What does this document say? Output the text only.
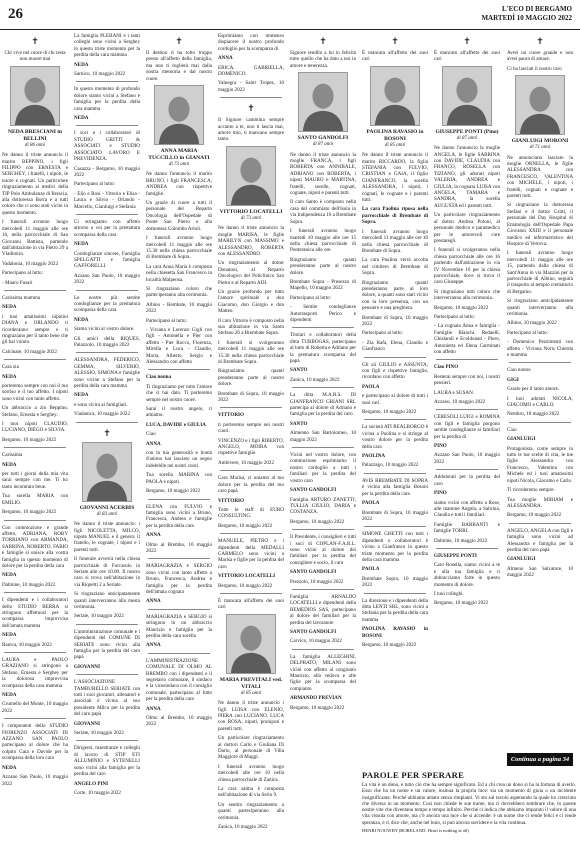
26	L'ECO DI BERGAMO
MARTEDÌ 10 MAGGIO 2022
✝

Chi vive nel cuore di chi resta non muore mai

NEDA BRESCIANI in BELLINI
di 86 anni

Ne danno il triste annuncio il marito BEPPINO, i figli FILIPPO con ERNESTA e SERGHEY, i fratelli, i nipoti, le nuore e cognati. Un particolare ringraziamento ai medici della TIP Polo Ambulanze di Brescia, alla dottoressa Borra e a tutti coloro che ci sono stati vicini in questo momento.

I funerali avranno luogo mercoledì 11 maggio alle ore 16, nella parrocchiale di San Giovanni Battista, partendo dall'abitazione in via Pietro 29 a Vladimiro.

Vadalonia, 10 maggio 2022

Partecipano al lutto:

- Mauro Fusari

Carissima mamma

NEDA

i tuoi amatissimi nipotini DIANA e ORLANDO ti ricorderanno sempre e ti ringraziano per il tanto bene che gli hai voluto.

Calcinate, 10 maggio 2022

Cara zia

NEDA

porteremo sempre con noi il tuo sorriso e il tuo affetto. I nipoti sono vicini con tanto affetto.

Un abbraccio a zio Beppino, Stefano, Ernesta e Serghey.

I tuoi nipoti CLAUDIO, LUCIANO, DIEGO e SILVIA.

Bergamo, 10 maggio 2022

Carissima

NEDA

per tutti i giorni della mia vita sarai sempre con me. Ti ho tanto incontrato bene.

Tua sorella MARIA con EMILIO.

Bergamo, 10 maggio 2022

Con commozione e grande affetto, ADRIANA, ROBY TORRIANO con ARMANDA, SABRINA, ROBERTO, FABIO e famiglie si unisce alla vostra famiglia in questo momento di dolore per la perdita della cara

NEDA

Dalmine, 10 maggio 2022

I dipendenti e i collaboratori dello STUDIO BERRA si stringono affettuosi per la scomparsa improvvisa dell'amata mamma

NEDA

Ranica, 10 maggio 2022

LAURA e PAOLO GRAZIANO si stringono a Stefano, Ernesta e Serghey per la dolorosa improvvisa scomparsa della cara mamma

NEDA

Grumello del Monte, 10 maggio 2022

I componenti dello STUDIO FIORENZO ASSOCIATI DI AZZANO SAN PAOLO partecipano al dolore che ha colpito Gaia e Davide per la scomparsa della loro cara

NEDA

Azzano San Paolo, 10 maggio 2022

La famiglia PLEBANI e i tanti colleghi sono vicini a Serghey in questo triste momento per la perdita della cara mamma

NEDA

Sarnico, 10 maggio 2022

In questo momento di profondo dolore siamo vicini a Stefano e famiglia per la perdita della cara mamma

NEDA

I soci e i collaboratori di STUDIO GRITTI & ASSOCIATI e STUDIO ASSOCIATO LAVORO E PREVIDENZA.

Casazza - Bergamo, 10 maggio 2022

Partecipano al lutto:

- Elio e Rosi - Vittorio e Elisa - Laura e Silvio - Orlando - Marcello, Gianluigi e Stefania

Ci stringiamo con affetto attorno a voi per la prematura scomparsa della cara

NEDA

Condoglianze sincere, Famiglia SPELGATTI e famiglia GAFFORELLI.

Azzano San Paolo, 10 maggio 2022

Le nostre più sentite condoglianze per la prematura scomparsa della cara

NEDA

Siamo vicini al vostro dolore.

Gli amici della RIQUES, Palazzolo, 10 maggio 2022

ALESSANDRA, FEDERICO, GEMMA, SILVERIO, ALESSIO, SIMONA e famiglie sono vicine a Stefano per la perdita della cara mamma

NEDA

e sono vicini ai famigliari.

Viadanica, 10 maggio 2022

✝
GIOVANNI ACERBIS
di 83 anni

Ne danno il triste annuncio: i figli NICOLETTA, MILCO, nipote MANUEL e il genero; il fratello, le cognate, i nipoti e i parenti tutti.

Il funerale avverrà nella chiesa parrocchiale di Forcarolo in Seriate alle ore 10.00. Il nostro caro si trova nell'abitazione in via Riquetti 2 a Seriate.

Si ringraziano anticipatamente quanti interverranno alla mesta cerimonia.

Seriate, 10 maggio 2022

L'amministrazione comunale e i dipendenti del COMUNE DI SERIATE sono vicini alla famiglia per la perdita del caro papà

GIOVANNI

L'ASSOCIAZIONE TAMBURELLO SERIATE con tutti i suoi giocatori, allenatori e associati è vicina al suo presidente Milco per la perdita del caro papà

GIOVANNI

Seriate, 10 maggio 2022

Dirigenti, maestranze e colleghi di lavoro di STIP ETI ALLUMINIO e SYTENELLI sono vicini alla famiglia per la perdita del caro

ANGELO PINI

Corte, 10 maggio 2022

✝

Il destino ti ha tolto troppo presto all'affetto della famiglia, ma non ti toglierà mai dalla nostra memoria e dal nostro cuore.

ANNA MARIA TUCCILLO in GIANATI
di 73 anni

Ne danno l'annuncio il marito BRUNO, i figli FRANCESCA, ANDREA con rispettive famiglie.

Un grazie di cuore a tutti il personale del Reparto Oncologia dell'Ospedale di Ponte San Pietro e alla dottoressa Colombo Arioli.

I funerali avranno luogo mercoledì 11 maggio alle ore 15.30 nella chiesa parrocchiale di Brembate di Sopra.

La cara Anna Maria è composta nella chiesetta San Francesco in località Malpensa.

Si ringraziano coloro che parteciperanno alla cerimonia.

Albino - Bembate, 10 maggio 2022

Partecipano al lutto:

- Viviana e Lorenzo Gigli con figli - Antonella e Pier con affetto - Pier Rocco, Fiorenza, Mirella e Luca - Claudio, Maria, Alberto, Sergio e Alessandro con affetto

Ciao nonna

Ti ringraziamo per tutto l'amore che ci hai dato. Ti porteremo sempre nel nostro cuore.

Sarai il nostro angelo, ti amiamo.

LUCA, DAVIDE e GIULIA

Ciao

ANNA

con la tua generosità e bontà d'animo hai lasciato un segno indelebile nei nostri cuori.

Tua sorella MARINA con PAOLA e nipoti.

Bergamo, 10 maggio 2022

ELENA con FULVIO e famiglia sono vicini a Bruno, Francesca, Andrea e famiglie per la perdita della cara

ANNA

Olmo al Brembo, 10 maggio 2022

MARIAGRAZIA e SERGIO sono vicini con tanto affetto a Bruno, Francesca, Andrea e famiglia per la perdita dell'amata cognata

ANNA

MARIAGRAZIA e SERGIO si stringono in un abbraccio Maurizio e famiglia per la perdita della cara sorella

ANNA

L'AMMINISTRAZIONE COMUNALE DI OLMO AL BREMBO con i dipendenti e il segretario comunale, il sindaco e la vicesindaca con il consiglio comunale, partecipano al lutto per la perdita della cara

ANNA

Olmo al Brembo, 10 maggio 2022

Esprimiamo con immenso dispiacere il nostro profondo cordoglio per la scomparsa di

ANNA

ERICA, GABRIELLA, DOMENICO.

Valnegra - Saint Tropez, 10 maggio 2022

✝

Il Signore cammina sempre accanto a te, non ti lascia mai, amore mio, ti mancano sempre tanto.

VITTORIO LOCATELLI
di 73 anni

Ne danno il triste annuncio la moglie MARISA, le figlie MARILYN con MASSIMO e ALESSANDRO, ROBERTA con ALESSANDRO.

Un ringraziamento al dottor Donatoni, al Reparto Oncologico del Policlinico San Pietro e al Reparto ADI.

Un grazie profondo per tutto l'amore spirituale a don Giacomo, don Giorgio e don Matteo.

Il caro Vittorio è composto nella sua abitazione in via Santo Stefano 26 a Brembate Sopra.

I funerali si svolgeranno mercoledì 11 maggio alle ore 15.30 nella chiesa parrocchiale di Brembate Sopra.

Ringraziamo quanti prenderanno parte al nostro dolore.

Brembate di Sopra, 10 maggio 2022

VITTORIO

ti porteremo sempre nei nostri cuori.

VINCENZO e i figli RIBERTO, ANGELO, MOIRA con rispettive famiglie.

Ambivere, 10 maggio 2022

Cara Marisa, ci uniamo al tuo dolore per la perdita del tuo caro papà

VITTORIO

Tutte le staff di EURO CONSULTING.

Bergamo, 10 maggio 2022

MANUELE, PIETRO e i dipendenti della MEDALLI CARMELO sono vicini a Marisa e figlie per la perdita del caro

VITTORIO LOCATELLI

Bergamo, 10 maggio 2022

È mancata all'affetto dei suoi cari

MARIA PREVITALI ved. VITALI
di 85 anni

Ne danno il triste annuncio i figli LUISA con ELENIO, PIERA con LUCIANO, LUCA con ROSA, nipoti, pronipoti e parenti tutti.

Un particolare ringraziamento ai dottori Carlo e Giuliana Di Dario, al personale di Villa Maggiore di Maggi.

I funerali avranno luogo mercoledì alle ore 10 nella chiesa parrocchiale di Zanica.

La cara salma è composta nell'abitazione di via Serio 9.

Un sentito ringraziamento a quanti parteciperanno alla cerimonia.

Zanica, 10 maggio 2022

✝

Signore rendilo a lui in felicità tutto quello che ha dato a noi in amore e tenerezza.

SANTO GANDOLFI
di 87 anni

Ne danno il triste annuncio la moglie FRANCA, i figli ROBERTA con ANNIBALE, ADRIANO con ROBERTA, i nipoti MAURO e MARTINA, fratelli, sorelle, cognati, cognate, nipoti e parenti tutti.

Il caro Santo è composto nella casa del commiato dell'Isola in via Indipendenza 16 a Brembate Sopra.

I funerali avranno luogo martedì 10 maggio alle ore 15 nella chiesa parrocchiale di Ponteranica alle ore.

Ringraziamo quanti prenderanno parte al nostro dolore.

Brembate Sopra - Presezzo di Mapello, 10 maggio 2022

Partecipano al lutto:

- Sentite condoglianze Autotrasporti Perico e dipendenti

Titolari e collaboratori della ditta TURBOGAS, partecipano al lutto di Roberta e Adriano per la prematura scomparsa del papà

SANTO

Zanica, 10 maggio 2022

La ditta M.A.R.S. DI GIANFRANCO GRIANI SRL partecipa al dolore di Adriano e famiglia per la perdita del caro

SANTO

Almenno San Bartolomeo, 10 maggio 2022

Vicini nel vostro dolore, con commozione esprimiamo il nostro cordoglio a tutti i familiari per la perdita del vostro caro

SANTO GANDOLFI

Famiglia ARTURO ZANETTI, TULLIA GIULIO, DARIA e COSTANZA.

Bergamo, 10 maggio 2022

Il Presidente, i consiglieri e tutti i soci di COPLAN-F.A.R.L. sono vicini al dolore dei familiari per la perdita del consigliere e socio, il caro

SANTO GANDOLFI

Prezzolo, 10 maggio 2022

Famiglia ARNALDO LOCATELLI e dipendenti della REMEDIOS SAS, partecipano al dolore dei familiari per la perdita del lavoratore

SANTO GANDOLFI

Carvico, 10 maggio 2022

La famiglia ALLEGHINI, DELPRATO, MILANI sono vicini con affetto al congiunto Maurizio, alla vedova e alle figlie per la scomparsa del compianto

ARMANDO PREVIAN

Bergamo, 10 maggio 2022

✝

È mancata all'affetto dei suoi cari

PAOLINA RAVASIO in BOSONI
di 85 anni

Ne danno il triste annuncio il marito RICCARDO, la figlia STEFANIA con FULVIO, CRISTIAN e GAIA, il figlio GIANFRANCO, la sorella ALESSANDRA, i nipoti, i cognati, le cognate e i parenti tutti.

La cara Paolina riposa nella parrocchiale di Brembate di Sopra.

I funerali avranno luogo mercoledì 11 maggio alle ore 10 nella chiesa parrocchiale di Brembate di Sopra.

La cara Paolina verrà accolta nel cimitero di Brembate di Sopra.

Ringraziamo quanti prenderanno parte al loro dolore, a quanti sono stati vicini con la loro presenza, con un pensiero e una preghiera.

Brembate di Sopra, 10 maggio 2022

Partecipano al lutto:

- Zia Rafa, Elena, Claudio e Gianfranco

Gli zii GIULIO e ASSUNTA, con figli e rispettive famiglie, ricordano con affetto

PAOLA

e partecipano al dolore di tutti i suoi cari.

Bergamo, 10 maggio 2022

La società ATI REALBORGO è vicina a Paolina e si stringe al vostro dolore per la perdita della cara

PAOLINA

Palazzago, 10 maggio 2022

AVIS BREMBATE DI SOPRA è vicina alla famiglia Bosoni per la perdita della cara

PAOLA

Brembate di Sopra, 10 maggio 2022

SIMONE GHETTI con tutti i dipendenti e collaboratori è vicino a Gianfranco in questo triste momento per la perdita della cara mamma

PAOLA

Brembate Sopra, 10 maggio 2022

La direzione e i dipendenti della ditta LENTI SRL, sono vicini a Stefania per la perdita della cara mamma

PAOLINA RAVASIO in BOSONI

Bergamo, 10 maggio 2022

✝

È mancato all'affetto dei suoi cari

GIUSEPPE PONTI (Pino)
di 87 anni

Ne danno l'annuncio la moglie ANGELA, le figlie SABRINA con DAVIDE, CLAUDIA con FRANCO, ROSELLA con TIZIANO, gli adorati nipoti VALERIA, ANDREA e GIULIA, la cognata LUISA con ANGELA, TAMARA e SANDRA, la sorella AUGUSTA ed i parenti tutti.

Un particolare ringraziamento al dottor Andrea Poloni, al personale medico e paramedico per le amorevoli cure prestategli.

I funerali si svolgeranno nella chiesa parrocchiale alle ore 16 partendo dall'abitazione in via IV Novembre 16 per la chiesa parrocchiale, dove si trova il caro Giuseppe.

Si ringraziano tutti coloro che interverranno alla cerimonia.

Bergamo, 10 maggio 2022

Partecipano al lutto:

- La cognata Anna e famiglia - Famiglie Bianchi, Redaelli, Ghislandi e Ecoldonati - Piero, Antonietta ed Elena Carminati con affetto

Ciao PINO

Resterai sempre con noi, i nostri pensieri.

LAURA e SUSAN.

Azzano, 10 maggio 2022

CERESOLI LUIGI e ROMINA con figli e famiglia porgono sentite condoglianze ai familiari per la perdita di

PINO

Azzano San Paolo, 10 maggio 2022

Addolorati per la perdita del caro

PINO

siamo vicini con affetto a Rose, alle mamme Angela, a Sabrina, Claudia e tutti i familiari.

Famiglie BARBANTI e famiglie TORRI.

Dalmine, 10 maggio 2022

GIUSEPPE PONTI

Caro Rosella, siamo vicini a te e alla tua famiglia e ti abbracciamo forte in questo momento di dolore.

I tuoi colleghi.

Bergamo, 10 maggio 2022

✝

Avrei un cuore grande e non avrei paura di amare.

Ci ha lasciati il nostro caro

GIANLUIGI MORONI
di 71 anni

Ne annunciano lasciato la moglie ORNELLA, le figlie ALESSANDRA con FRANCESCO, VALENTINA con MICHELE, i nipoti, i fratelli, cognati e cognate e parenti tutti.

Si ringraziano la dottoressa Stefani e il dottor Gritti, il personale del Day Hospital di Ematologia dell'Ospedale Papa Giovanni XXIII e il personale medico ed infermieristico del Hospice di Vertova.

I funerali avranno luogo mercoledì 11 maggio alle ore 15, partendo dalla chiesa di Sant'Anna in via Mazzini per la parrocchiale di Albino, seguirà il trasporto al tempio crematorio di Bergamo.

Si ringraziano anticipatamente quanti interverranno alla cerimonia.

Albino, 10 maggio 2022

Partecipano al lutto:

- Domenico Pezzimenti con affetto - Viviana Noris Chierda e mamma

Ciao nonno

GIGI

Grazie per il tanto amore.

I tuoi adorati NICOLA, GIACOMO e CARLO.

Nembro, 10 maggio 2022

Ciao

GIANLUIGI

Protagonista, come sempre in tutto le tue scelte di vita, le tue figlie Alessandra con Francesco, Valentina con Michele ed i tuoi amatissimi nipoti Nicola, Giacomo e Carlo.

Ti ricorderemo sempre.

Tua moglie MIRIAM e ALESSANDRA.

Bergamo, 10 maggio 2022

ANGELO, ANGELA con figli e famiglia sono vicini ad Alessandra e famiglia per la perdita del caro papà

GIANLUIGI

Almeno San Salvatore, 10 maggio 2022

Continua a pagina 34
PAROLE PER SPERARE
La vita è un dono, è tutto ciò che ha sempre significato. Ed a chi crea un dono si ha la fortuna di averlo. Esso che ha un nome e un valore, insinua la propria luce: sia un momento di gioia o un incidente insignificante. Perché abbiamo amato senza rimpianti. Vi sto sul tavolo aspettando la quale ho cresciuto che diversa in un momento. Così non chiede le sue trame, ma ci dovrebbero sembrare che, in queste nostre vite che diventano tempo e tempo infinito. Perché ci indica che abbiamo imparato il valore di una vita vissuta con amore, ma c'è ancora una luce che si accende: è un nome che ci rende felici e ci rende speranza, e ci dice che, anche nel buio, si può ancora sorridere e la vita continua.
HENRI NOUWEN (BORELAND, Heart is nothing at all)
